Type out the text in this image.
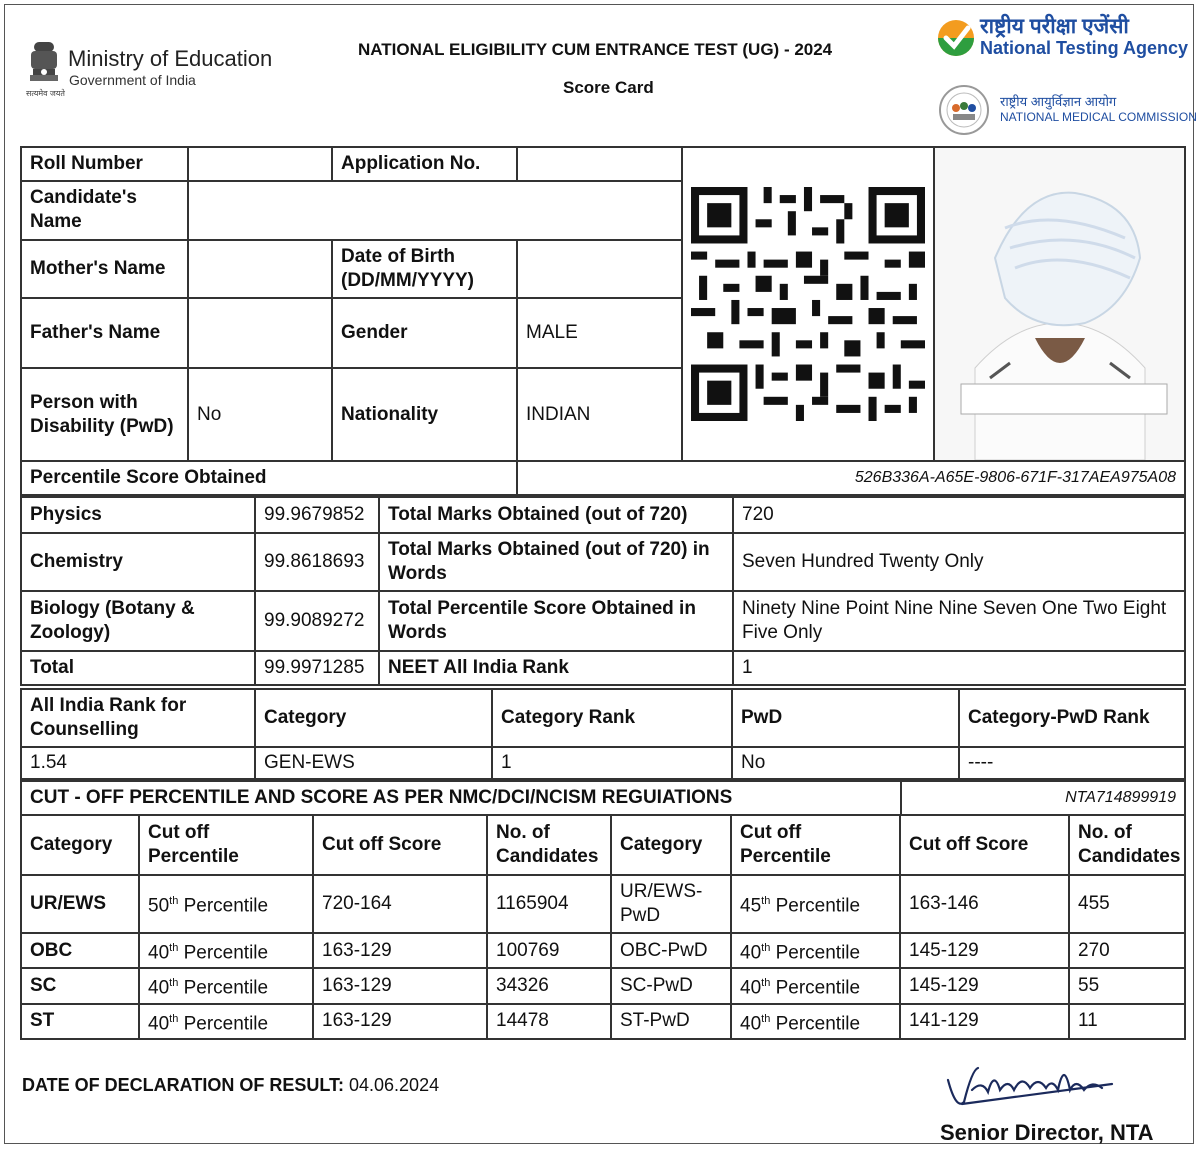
Ministry of Education
Government of India
सत्यमेव जयते
NATIONAL ELIGIBILITY CUM ENTRANCE TEST (UG) - 2024
Score Card
राष्ट्रीय परीक्षा एजेंसी
National Testing Agency
राष्ट्रीय आयुर्विज्ञान आयोग
NATIONAL MEDICAL COMMISSION
Roll Number		Application No.		

Candidate's Name					
Mother's Name		Date of Birth (DD/MM/YYYY)			
Father's Name		Gender	MALE		
Person with Disability (PwD)	No	Nationality	INDIAN		
Percentile Score Obtained			526B336A-A65E-9806-671F-317AEA975A08		
Physics	99.9679852	Total Marks Obtained (out of 720)	720
Chemistry	99.8618693	Total Marks Obtained (out of 720) in Words	Seven Hundred Twenty Only
Biology (Botany & Zoology)	99.9089272	Total Percentile Score Obtained in Words	Ninety Nine Point Nine Nine Seven One Two Eight Five Only
Total	99.9971285	NEET All India Rank	1
All India Rank for Counselling	Category	Category Rank	PwD	Category-PwD Rank
1.54	GEN-EWS	1	No	----
CUT - OFF PERCENTILE AND SCORE AS PER NMC/DCI/NCISM REGUIATIONS	NTA714899919
Category	Cut off Percentile	Cut off Score	No. of Candidates	Category	Cut off Percentile	Cut off Score	No. of Candidates
UR/EWS	50th Percentile	720-164	1165904	UR/EWS-PwD	45th Percentile	163-146	455
OBC	40th Percentile	163-129	100769	OBC-PwD	40th Percentile	145-129	270
SC	40th Percentile	163-129	34326	SC-PwD	40th Percentile	145-129	55
ST	40th Percentile	163-129	14478	ST-PwD	40th Percentile	141-129	11
DATE OF DECLARATION OF RESULT: 04.06.2024
Senior Director, NTA
